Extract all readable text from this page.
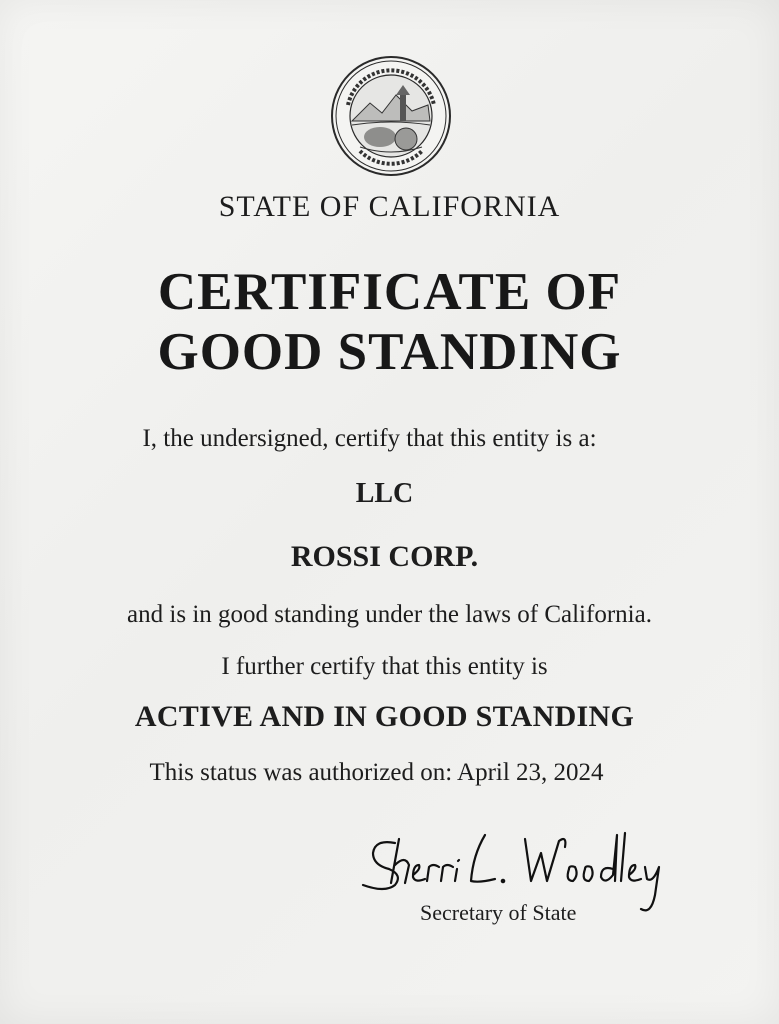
STATE OF CALIFORNIA
CERTIFICATE OF
GOOD STANDING

I, the undersigned, certify that this entity is a:

LLC

ROSSI CORP.

and is in good standing under the laws of California.

I further certify that this entity is

ACTIVE AND IN GOOD STANDING

This status was authorized on: April 23, 2024

Secretary of State
